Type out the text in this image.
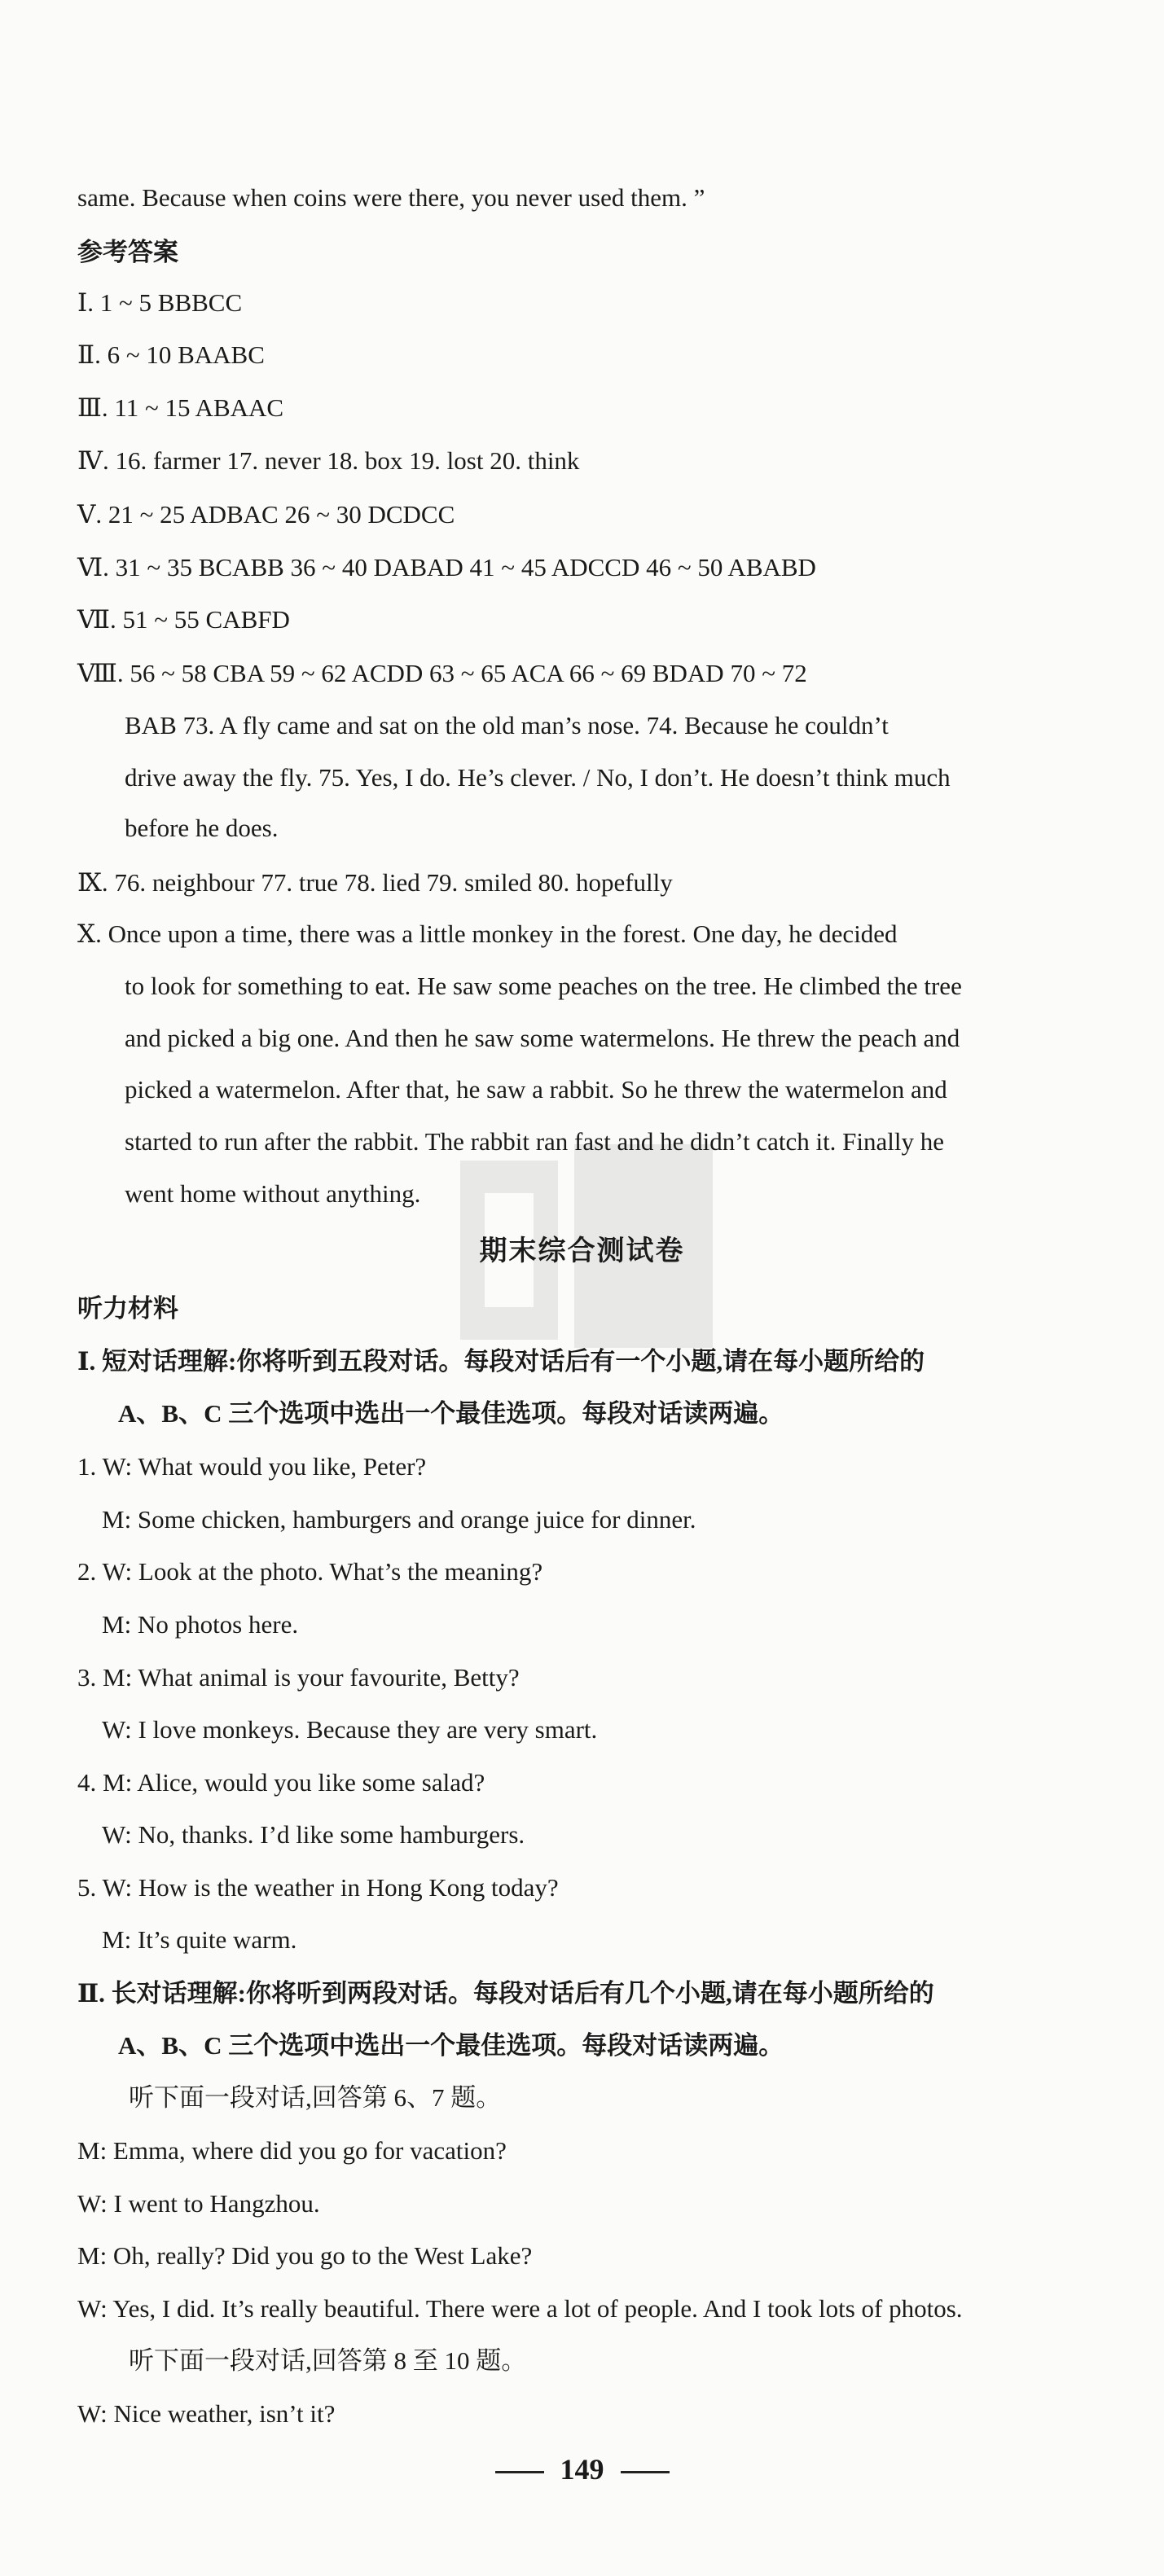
same. Because when coins were there, you never used them. ”
参考答案
Ⅰ. 1 ~ 5 BBBCC
Ⅱ. 6 ~ 10 BAABC
Ⅲ. 11 ~ 15 ABAAC
Ⅳ. 16. farmer 17. never 18. box 19. lost 20. think
Ⅴ. 21 ~ 25 ADBAC 26 ~ 30 DCDCC
Ⅵ. 31 ~ 35 BCABB 36 ~ 40 DABAD 41 ~ 45 ADCCD 46 ~ 50 ABABD
Ⅶ. 51 ~ 55 CABFD
Ⅷ. 56 ~ 58 CBA 59 ~ 62 ACDD 63 ~ 65 ACA 66 ~ 69 BDAD 70 ~ 72
BAB 73. A fly came and sat on the old man’s nose. 74. Because he couldn’t
drive away the fly. 75. Yes, I do. He’s clever. / No, I don’t. He doesn’t think much
before he does.
Ⅸ. 76. neighbour 77. true 78. lied 79. smiled 80. hopefully
Ⅹ. Once upon a time, there was a little monkey in the forest. One day, he decided
to look for something to eat. He saw some peaches on the tree. He climbed the tree
and picked a big one. And then he saw some watermelons. He threw the peach and
picked a watermelon. After that, he saw a rabbit. So he threw the watermelon and
started to run after the rabbit. The rabbit ran fast and he didn’t catch it. Finally he
went home without anything.
期末综合测试卷
听力材料
Ⅰ. 短对话理解:你将听到五段对话。每段对话后有一个小题,请在每小题所给的
A、B、C 三个选项中选出一个最佳选项。每段对话读两遍。
1. W: What would you like, Peter?
M: Some chicken, hamburgers and orange juice for dinner.
2. W: Look at the photo. What’s the meaning?
M: No photos here.
3. M: What animal is your favourite, Betty?
W: I love monkeys. Because they are very smart.
4. M: Alice, would you like some salad?
W: No, thanks. I’d like some hamburgers.
5. W: How is the weather in Hong Kong today?
M: It’s quite warm.
Ⅱ. 长对话理解:你将听到两段对话。每段对话后有几个小题,请在每小题所给的
A、B、C 三个选项中选出一个最佳选项。每段对话读两遍。
听下面一段对话,回答第 6、7 题。
M: Emma, where did you go for vacation?
W: I went to Hangzhou.
M: Oh, really? Did you go to the West Lake?
W: Yes, I did. It’s really beautiful. There were a lot of people. And I took lots of photos.
听下面一段对话,回答第 8 至 10 题。
W: Nice weather, isn’t it?
149
